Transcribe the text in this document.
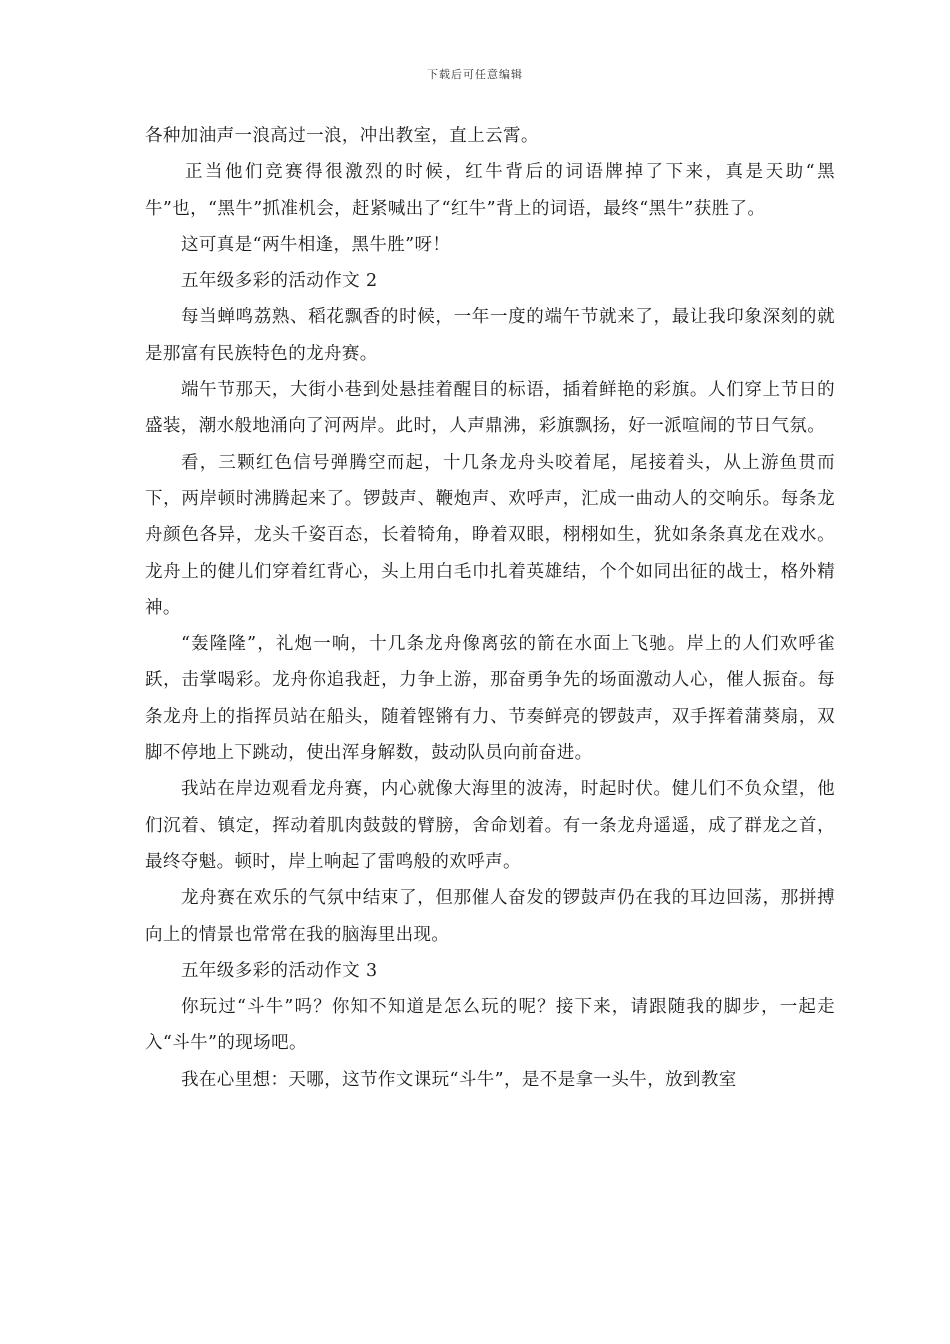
下载后可任意编辑

各种加油声一浪高过一浪，冲出教室，直上云霄。

正当他们竞赛得很激烈的时候，红牛背后的词语牌掉了下来，真是天助“黑牛”也，“黑牛”抓准机会，赶紧喊出了“红牛”背上的词语，最终“黑牛”获胜了。

这可真是“两牛相逢，黑牛胜”呀！

五年级多彩的活动作文 2

每当蝉鸣荔熟、稻花飘香的时候，一年一度的端午节就来了，最让我印象深刻的就是那富有民族特色的龙舟赛。

端午节那天，大街小巷到处悬挂着醒目的标语，插着鲜艳的彩旗。人们穿上节日的盛装，潮水般地涌向了河两岸。此时，人声鼎沸，彩旗飘扬，好一派喧闹的节日气氛。

看，三颗红色信号弹腾空而起，十几条龙舟头咬着尾，尾接着头，从上游鱼贯而下，两岸顿时沸腾起来了。锣鼓声、鞭炮声、欢呼声，汇成一曲动人的交响乐。每条龙舟颜色各异，龙头千姿百态，长着犄角，睁着双眼，栩栩如生，犹如条条真龙在戏水。龙舟上的健儿们穿着红背心，头上用白毛巾扎着英雄结，个个如同出征的战士，格外精神。

“轰隆隆”，礼炮一响，十几条龙舟像离弦的箭在水面上飞驰。岸上的人们欢呼雀跃，击掌喝彩。龙舟你追我赶，力争上游，那奋勇争先的场面激动人心，催人振奋。每条龙舟上的指挥员站在船头，随着铿锵有力、节奏鲜亮的锣鼓声，双手挥着蒲葵扇，双脚不停地上下跳动，使出浑身解数，鼓动队员向前奋进。

我站在岸边观看龙舟赛，内心就像大海里的波涛，时起时伏。健儿们不负众望，他们沉着、镇定，挥动着肌肉鼓鼓的臂膀，舍命划着。有一条龙舟遥遥，成了群龙之首，最终夺魁。顿时，岸上响起了雷鸣般的欢呼声。

龙舟赛在欢乐的气氛中结束了，但那催人奋发的锣鼓声仍在我的耳边回荡，那拼搏向上的情景也常常在我的脑海里出现。

五年级多彩的活动作文 3

你玩过“斗牛”吗？你知不知道是怎么玩的呢？接下来，请跟随我的脚步，一起走入“斗牛”的现场吧。

我在心里想：天哪，这节作文课玩“斗牛”，是不是拿一头牛，放到教室
